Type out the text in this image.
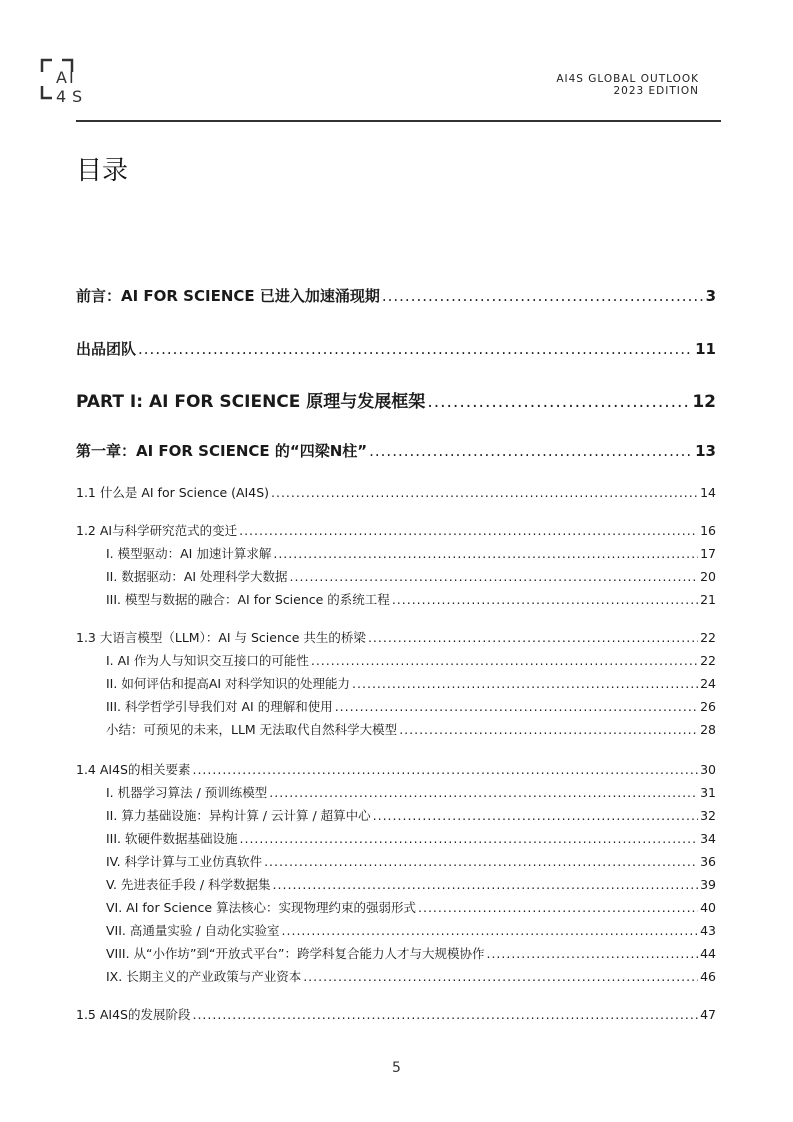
A I
4 S
AI4S GLOBAL OUTLOOK
2023 EDITION
目录
前言：AI FOR SCIENCE 已进入加速涌现期 .....	3
出品团队 .....	11
PART I: AI FOR SCIENCE 原理与发展框架 .....	12
第一章：AI FOR SCIENCE 的“四梁N柱” .....	13
1.1 什么是 AI for Science (AI4S) .....	14
1.2 AI与科学研究范式的变迁 .....	16
I. 模型驱动：AI 加速计算求解 .....	17
II. 数据驱动：AI 处理科学大数据 .....	20
III. 模型与数据的融合：AI for Science 的系统工程 .....	21
1.3 大语言模型（LLM）：AI 与 Science 共生的桥梁 .....	22
I. AI 作为人与知识交互接口的可能性 .....	22
II. 如何评估和提高AI 对科学知识的处理能力 .....	24
III. 科学哲学引导我们对 AI 的理解和使用 .....	26
小结：可预见的未来，LLM 无法取代自然科学大模型 .....	28
1.4 AI4S的相关要素 .....	30
I. 机器学习算法 / 预训练模型 .....	31
II. 算力基础设施：异构计算 / 云计算 / 超算中心 .....	32
III. 软硬件数据基础设施 .....	34
IV. 科学计算与工业仿真软件 .....	36
V. 先进表征手段 / 科学数据集 .....	39
VI. AI for Science 算法核心：实现物理约束的强弱形式 .....	40
VII. 高通量实验 / 自动化实验室 .....	43
VIII. 从“小作坊”到“开放式平台”：跨学科复合能力人才与大规模协作 .....	44
IX. 长期主义的产业政策与产业资本 .....	46
1.5 AI4S的发展阶段 .....	47
5
